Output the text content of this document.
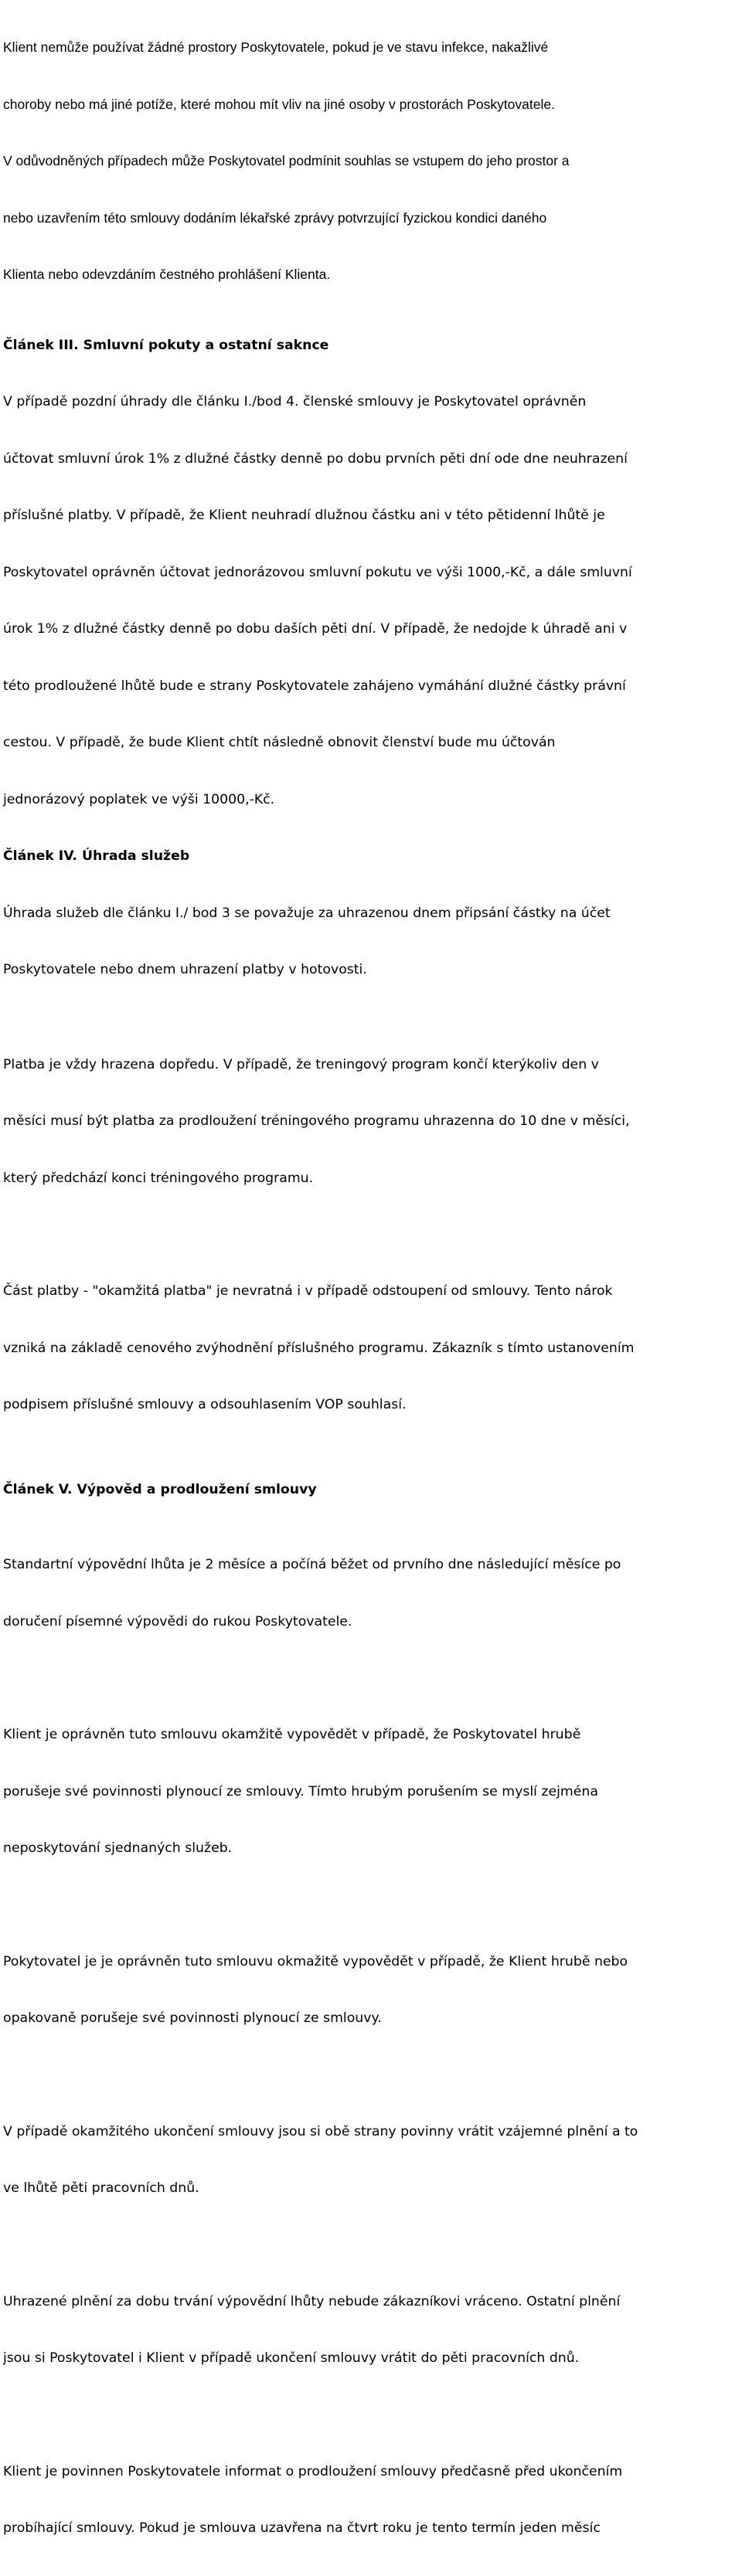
Klient nemůže používat žádné prostory Poskytovatele, pokud je ve stavu infekce, nakažlivé

choroby nebo má jiné potíže, které mohou mít vliv na jiné osoby v prostorách Poskytovatele.

V odůvodněných případech může Poskytovatel podmínit souhlas se vstupem do jeho prostor a

nebo uzavřením této smlouvy dodáním lékařské zprávy potvrzující fyzickou kondici daného

Klienta nebo odevzdáním čestného prohlášení Klienta.

Článek III. Smluvní pokuty a ostatní saknce

V případě pozdní úhrady dle článku I./bod 4. členské smlouvy je Poskytovatel oprávněn

účtovat smluvní úrok 1% z dlužné částky denně po dobu prvních pěti dní ode dne neuhrazení

příslušné platby. V případě, že Klient neuhradí dlužnou částku ani v této pětidenní lhůtě je

Poskytovatel oprávněn účtovat jednorázovou smluvní pokutu ve výši 1000,-Kč, a dále smluvní

úrok 1% z dlužné částky denně po dobu daších pěti dní. V případě, že nedojde k úhradě ani v

této prodloužené lhůtě bude e strany Poskytovatele zahájeno vymáhání dlužné částky právní

cestou. V případě, že bude Klient chtít následně obnovit členství bude mu účtován

jednorázový poplatek ve výši 10000,-Kč.

Článek IV. Úhrada služeb

Úhrada služeb dle článku I./ bod 3 se považuje za uhrazenou dnem připsání částky na účet

Poskytovatele nebo dnem uhrazení platby v hotovosti.

Platba je vždy hrazena dopředu. V případě, že treningový program končí kterýkoliv den v

měsíci musí být platba za prodloužení tréningového programu uhrazenna do 10 dne v měsíci,

který předchází konci tréningového programu.

Část platby - "okamžitá platba" je nevratná i v případě odstoupení od smlouvy. Tento nárok

vzniká na základě cenového zvýhodnění příslušného programu. Zákazník s tímto ustanovením

podpisem příslušné smlouvy a odsouhlasením VOP souhlasí.

Článek V. Výpověd a prodloužení smlouvy

Standartní výpovědní lhůta je 2 měsíce a počíná běžet od prvního dne následující měsíce po

doručení písemné výpovědi do rukou Poskytovatele.

Klient je oprávněn tuto smlouvu okamžitě vypovědět v případě, že Poskytovatel hrubě

porušeje své povinnosti plynoucí ze smlouvy. Tímto hrubým porušením se myslí zejména

neposkytování sjednaných služeb.

Pokytovatel je je oprávněn tuto smlouvu okmažitě vypovědět v případě, že Klient hrubě nebo

opakovaně porušeje své povinnosti plynoucí ze smlouvy.

V případě okamžitého ukončení smlouvy jsou si obě strany povinny vrátit vzájemné plnění a to

ve lhůtě pěti pracovních dnů.

Uhrazené plnění za dobu trvání výpovědní lhůty nebude zákazníkovi vráceno. Ostatní plnění

jsou si Poskytovatel i Klient v případě ukončení smlouvy vrátit do pěti pracovních dnů.

Klient je povinnen Poskytovatele informat o prodloužení smlouvy předčasně před ukončením

probíhající smlouvy. Pokud je smlouva uzavřena na čtvrt roku je tento termín jeden měsíc
